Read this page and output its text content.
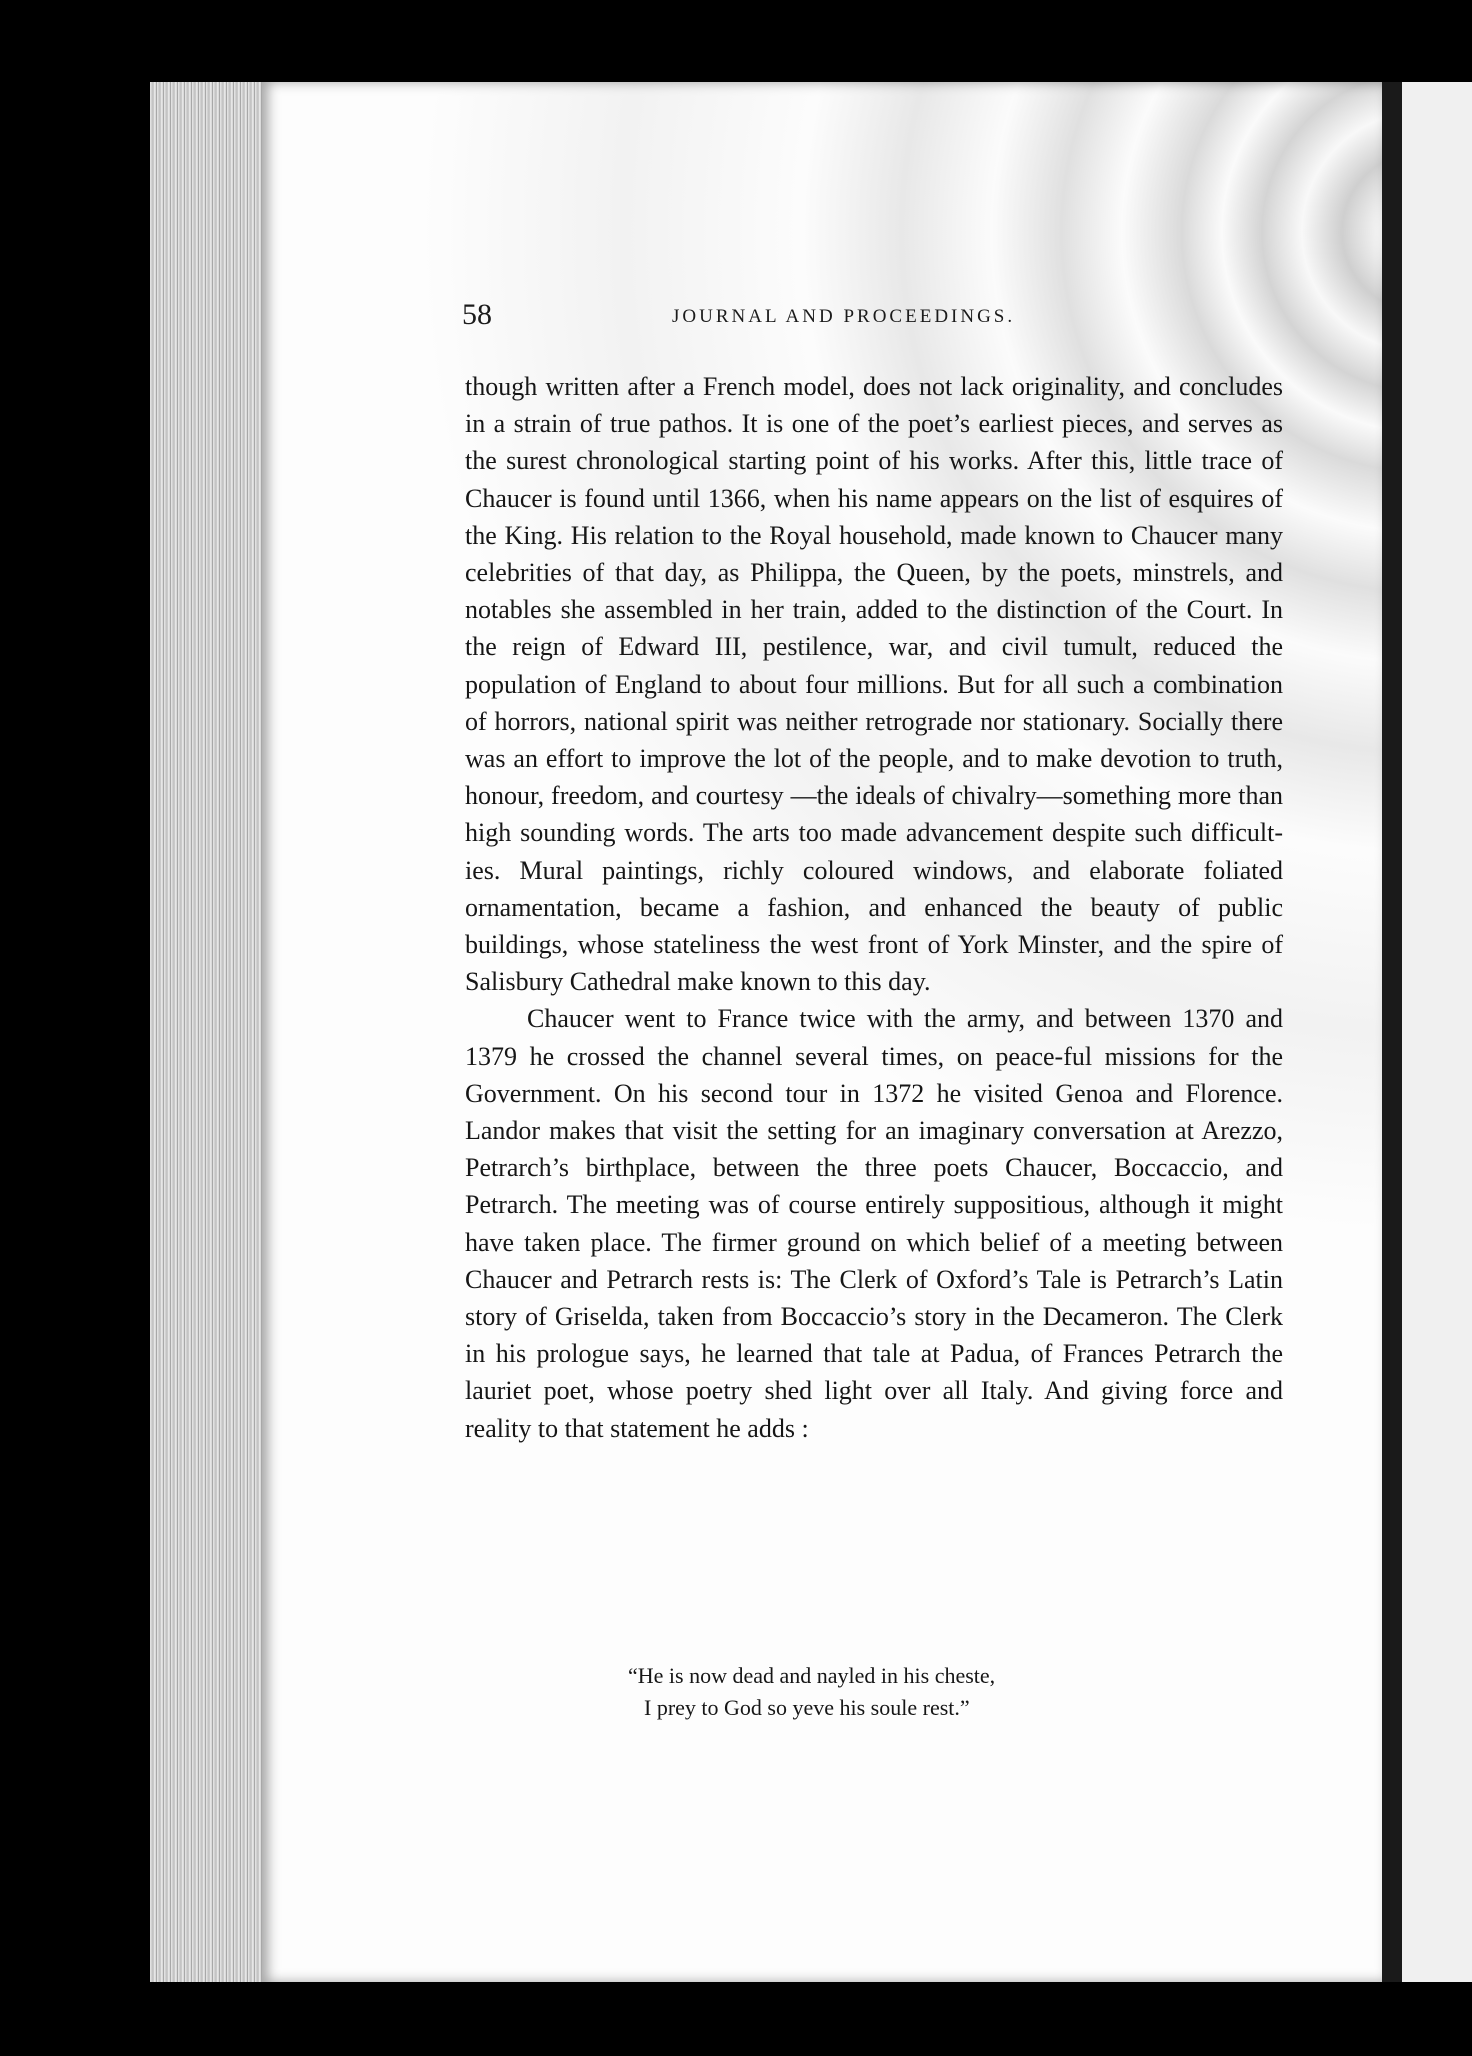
58	JOURNAL AND PROCEEDINGS.

though written after a French model, does not lack originality, and concludes in a strain of true pathos. It is one of the poet’s earliest pieces, and serves as the surest chronological starting point of his works. After this, little trace of Chaucer is found until 1366, when his name appears on the list of esquires of the King. His relation to the Royal household, made known to Chaucer many celebrities of that day, as Philippa, the Queen, by the poets, minstrels, and notables she assembled in her train, added to the distinction of the Court. In the reign of Edward III, pestilence, war, and civil tumult, reduced the population of England to about four millions. But for all such a combination of horrors, national spirit was neither retrograde nor stationary. Socially there was an effort to improve the lot of the people, and to make devotion to truth, honour, freedom, and courtesy —the ideals of chivalry—something more than high sounding words. The arts too made advancement despite such difficult-ies. Mural paintings, richly coloured windows, and elaborate foliated ornamentation, became a fashion, and enhanced the beauty of public buildings, whose stateliness the west front of York Minster, and the spire of Salisbury Cathedral make known to this day.

Chaucer went to France twice with the army, and between 1370 and 1379 he crossed the channel several times, on peace-ful missions for the Government. On his second tour in 1372 he visited Genoa and Florence. Landor makes that visit the setting for an imaginary conversation at Arezzo, Petrarch’s birthplace, between the three poets Chaucer, Boccaccio, and Petrarch. The meeting was of course entirely suppositious, although it might have taken place. The firmer ground on which belief of a meeting between Chaucer and Petrarch rests is: The Clerk of Oxford’s Tale is Petrarch’s Latin story of Griselda, taken from Boccaccio’s story in the Decameron. The Clerk in his prologue says, he learned that tale at Padua, of Frances Petrarch the lauriet poet, whose poetry shed light over all Italy. And giving force and reality to that statement he adds :

“He is now dead and nayled in his cheste,
I prey to God so yeve his soule rest.”
